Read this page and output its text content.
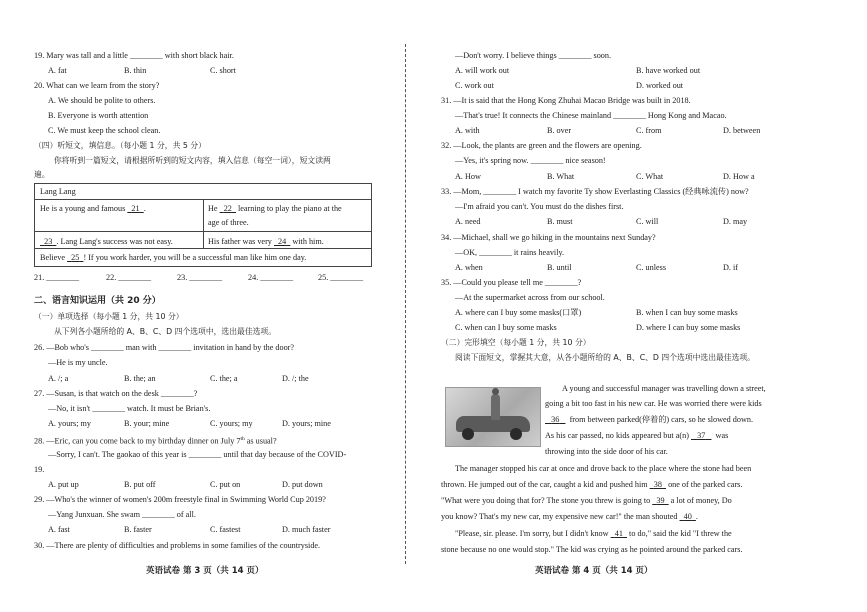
19. Mary was tall and a little ________ with short black hair.
A. fat	B. thin	C. short
20. What can we learn from the story?
A. We should be polite to others.
B. Everyone is worth attention
C. We must keep the school clean.
（四）听短文，填信息。（每小题 1 分，共 5 分）
你将听到一篇短文，请根据所听到的短文内容，填入信息（每空一词），短文读两
遍。
Lang Lang
He is a young and famous 21 .	He 22 learning to play the piano at the
age of three.
23 . Lang Lang's success was not easy.	His father was very 24 with him.
Believe 25 ! If you work harder, you will be a successful man like him one day.
21. ________	22. ________	23. ________	24. ________	25. ________
二、语言知识运用（共 20 分）
（一）单项选择（每小题 1 分，共 10 分）
从下列各小题所给的 A、B、C、D 四个选项中，选出最佳选项。
26. —Bob who's ________ man with ________ invitation in hand by the door?
—He is my uncle.
A. /; a	B. the; an	C. the; a	D. /; the
27. —Susan, is that watch on the desk ________?
—No, it isn't ________ watch. It must be Brian's.
A. yours; my	B. your; mine	C. yours; my	D. yours; mine
28. —Eric, can you come back to my birthday dinner on July 7th as usual?
—Sorry, I can't. The gaokao of this year is ________ until that day because of the COVID-
19.
A. put up	B. put off	C. put on	D. put down
29. —Who's the winner of women's 200m freestyle final in Swimming World Cup 2019?
—Yang Junxuan. She swam ________ of all.
A. fast	B. faster	C. fastest	D. much faster
30. —There are plenty of difficulties and problems in some families of the countryside.
英语试卷 第 3 页（共 14 页）
—Don't worry. I believe things ________ soon.
A. will work out	B. have worked out
C. work out	D. worked out
31. —It is said that the Hong Kong Zhuhai Macao Bridge was built in 2018.
—That's true! It connects the Chinese mainland ________ Hong Kong and Macao.
A. with	B. over	C. from	D. between
32. —Look, the plants are green and the flowers are opening.
—Yes, it's spring now. ________ nice season!
A. How	B. What	C. What	D. How a
33. —Mom, ________ I watch my favorite Ty show Everlasting Classics (经典咏流传) now?
—I'm afraid you can't. You must do the dishes first.
A. need	B. must	C. will	D. may
34. —Michael, shall we go hiking in the mountains next Sunday?
—OK, ________ it rains heavily.
A. when	B. until	C. unless	D. if
35. —Could you please tell me ________?
—At the supermarket across from our school.
A. where can I buy some masks(口罩)	B. when I can buy some masks
C. when can I buy some masks	D. where I can buy some masks
（二）完形填空（每小题 1 分，共 10 分）
阅读下面短文，掌握其大意，从各小题所给的 A、B、C、D 四个选项中选出最佳选项。
A young and successful manager was travelling down a street,
going a bit too fast in his new car. He was worried there were kids
36 from between parked(停着的) cars, so he slowed down.
As his car passed, no kids appeared but a(n) 37 was
throwing into the side door of his car.
The manager stopped his car at once and drove back to the place where the stone had been
thrown. He jumped out of the car, caught a kid and pushed him 38 one of the parked cars.
"What were you doing that for? The stone you threw is going to 39 a lot of money, Do
you know? That's my new car, my expensive new car!" the man shouted 40 .
"Please, sir. please. I'm sorry, but I didn't know 41 to do," said the kid "I threw the
stone because no one would stop." The kid was crying as he pointed around the parked cars.
英语试卷 第 4 页（共 14 页）
